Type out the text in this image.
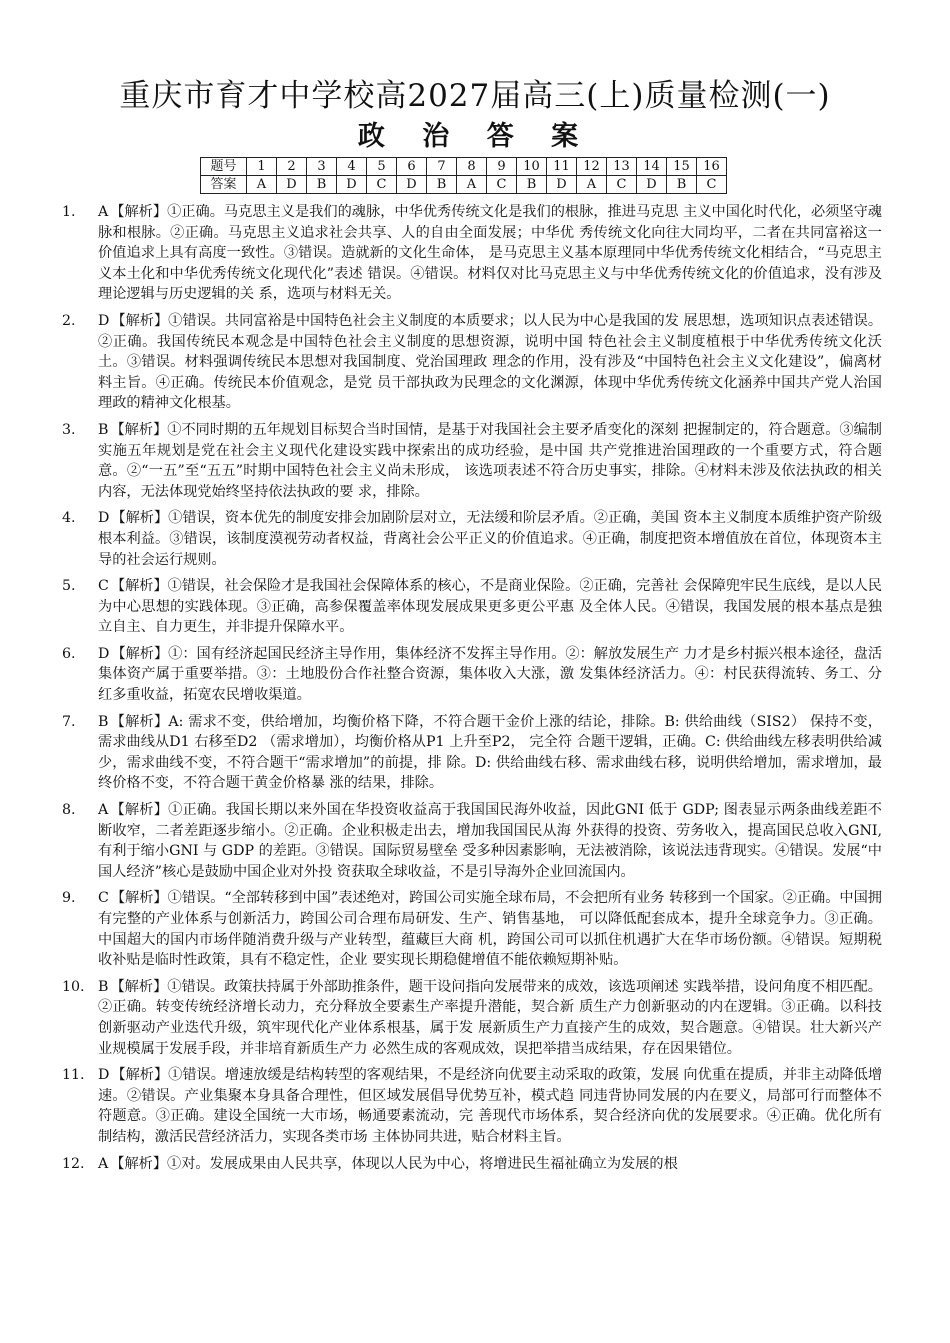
重庆市育才中学校高2027届高三(上)质量检测(一)
政 治 答 案
题号	1	2	3	4	5	6	7	8	9	10	11	12	13	14	15	16
答案	A	D	B	D	C	D	B	A	C	B	D	A	C	D	B	C
1.	A 【解析】①正确。马克思主义是我们的魂脉，中华优秀传统文化是我们的根脉，推进马克思 主义中国化时代化，必须坚守魂脉和根脉。②正确。马克思主义追求社会共享、人的自由全面发展；中华优 秀传统文化向往大同均平，二者在共同富裕这一价值追求上具有高度一致性。③错误。造就新的文化生命体， 是马克思主义基本原理同中华优秀传统文化相结合，“马克思主义本土化和中华优秀传统文化现代化”表述 错误。④错误。材料仅对比马克思主义与中华优秀传统文化的价值追求，没有涉及理论逻辑与历史逻辑的关 系，选项与材料无关。
2.	D 【解析】①错误。共同富裕是中国特色社会主义制度的本质要求；以人民为中心是我国的发 展思想，选项知识点表述错误。②正确。我国传统民本观念是中国特色社会主义制度的思想资源，说明中国 特色社会主义制度植根于中华优秀传统文化沃土。③错误。材料强调传统民本思想对我国制度、党治国理政 理念的作用，没有涉及“中国特色社会主义文化建设”，偏离材料主旨。④正确。传统民本价值观念，是党 员干部执政为民理念的文化渊源，体现中华优秀传统文化涵养中国共产党人治国理政的精神文化根基。
3.	B 【解析】①不同时期的五年规划目标契合当时国情，是基于对我国社会主要矛盾变化的深刻 把握制定的，符合题意。③编制实施五年规划是党在社会主义现代化建设实践中探索出的成功经验，是中国 共产党推进治国理政的一个重要方式，符合题意。②“一五”至“五五”时期中国特色社会主义尚未形成， 该选项表述不符合历史事实，排除。④材料未涉及依法执政的相关内容，无法体现党始终坚持依法执政的要 求，排除。
4.	D 【解析】①错误，资本优先的制度安排会加剧阶层对立，无法缓和阶层矛盾。②正确，美国 资本主义制度本质维护资产阶级根本利益。③错误，该制度漠视劳动者权益，背离社会公平正义的价值追求。④正确，制度把资本增值放在首位，体现资本主导的社会运行规则。
5.	C 【解析】①错误，社会保险才是我国社会保障体系的核心，不是商业保险。②正确，完善社 会保障兜牢民生底线，是以人民为中心思想的实践体现。③正确，高参保覆盖率体现发展成果更多更公平惠 及全体人民。④错误，我国发展的根本基点是独立自主、自力更生，并非提升保障水平。
6.	D 【解析】①：国有经济起国民经济主导作用，集体经济不发挥主导作用。②：解放发展生产 力才是乡村振兴根本途径，盘活集体资产属于重要举措。③：土地股份合作社整合资源，集体收入大涨，激 发集体经济活力。④：村民获得流转、务工、分红多重收益，拓宽农民增收渠道。
7.	B 【解析】A: 需求不变，供给增加，均衡价格下降，不符合题干金价上涨的结论，排除。B: 供给曲线（SIS2） 保持不变，需求曲线从D1 右移至D2 （需求增加），均衡价格从P1 上升至P2， 完全符 合题干逻辑，正确。C: 供给曲线左移表明供给减少，需求曲线不变，不符合题干“需求增加”的前提，排 除。D: 供给曲线右移、需求曲线右移，说明供给增加，需求增加，最终价格不变，不符合题干黄金价格暴 涨的结果，排除。
8.	A 【解析】①正确。我国长期以来外国在华投资收益高于我国国民海外收益，因此GNI 低于 GDP; 图表显示两条曲线差距不断收窄，二者差距逐步缩小。②正确。企业积极走出去，增加我国国民从海 外获得的投资、劳务收入，提高国民总收入GNI, 有利于缩小GNI 与 GDP 的差距。③错误。国际贸易壁垒 受多种因素影响，无法被消除，该说法违背现实。④错误。发展“中国人经济”核心是鼓励中国企业对外投 资获取全球收益，不是引导海外企业回流国内。
9.	C 【解析】①错误。“全部转移到中国”表述绝对，跨国公司实施全球布局，不会把所有业务 转移到一个国家。②正确。中国拥有完整的产业体系与创新活力，跨国公司合理布局研发、生产、销售基地， 可以降低配套成本，提升全球竞争力。③正确。中国超大的国内市场伴随消费升级与产业转型，蕴藏巨大商 机，跨国公司可以抓住机遇扩大在华市场份额。④错误。短期税收补贴是临时性政策，具有不稳定性，企业 要实现长期稳健增值不能依赖短期补贴。
10. B 【解析】①错误。政策扶持属于外部助推条件，题干设问指向发展带来的成效，该选项阐述 实践举措，设问角度不相匹配。②正确。转变传统经济增长动力，充分释放全要素生产率提升潜能，契合新 质生产力创新驱动的内在逻辑。③正确。以科技创新驱动产业迭代升级，筑牢现代化产业体系根基，属于发 展新质生产力直接产生的成效，契合题意。④错误。壮大新兴产业规模属于发展手段，并非培育新质生产力 必然生成的客观成效，误把举措当成结果，存在因果错位。
11. D 【解析】①错误。增速放缓是结构转型的客观结果，不是经济向优要主动采取的政策，发展 向优重在提质，并非主动降低增速。②错误。产业集聚本身具备合理性，但区域发展倡导优势互补，模式趋 同违背协同发展的内在要义，局部可行而整体不符题意。③正确。建设全国统一大市场，畅通要素流动，完 善现代市场体系，契合经济向优的发展要求。④正确。优化所有制结构，激活民营经济活力，实现各类市场 主体协同共进，贴合材料主旨。
12. A 【解析】①对。发展成果由人民共享，体现以人民为中心，将增进民生福祉确立为发展的根
